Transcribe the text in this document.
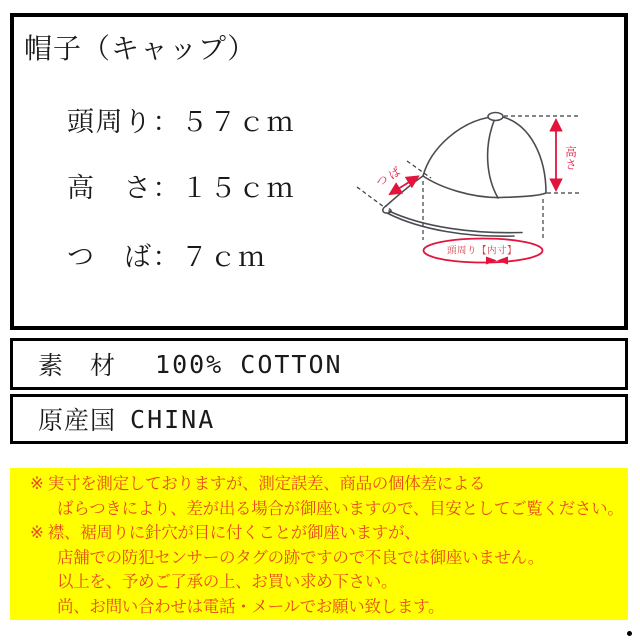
帽子（キャップ）
頭周り：５７ｃｍ
高　さ：１５ｃｍ
つ　ば：７ｃｍ
つば
高さ
頭周り【内寸】
素　材 100% COTTON
原産国 CHINA
※ 実寸を測定しておりますが、測定誤差、商品の個体差による
ばらつきにより、差が出る場合が御座いますので、目安としてご覧ください。
※ 襟、裾周りに針穴が目に付くことが御座いますが、
店舗での防犯センサーのタグの跡ですので不良では御座いません。
以上を、予めご了承の上、お買い求め下さい。
尚、お問い合わせは電話・メールでお願い致します。
